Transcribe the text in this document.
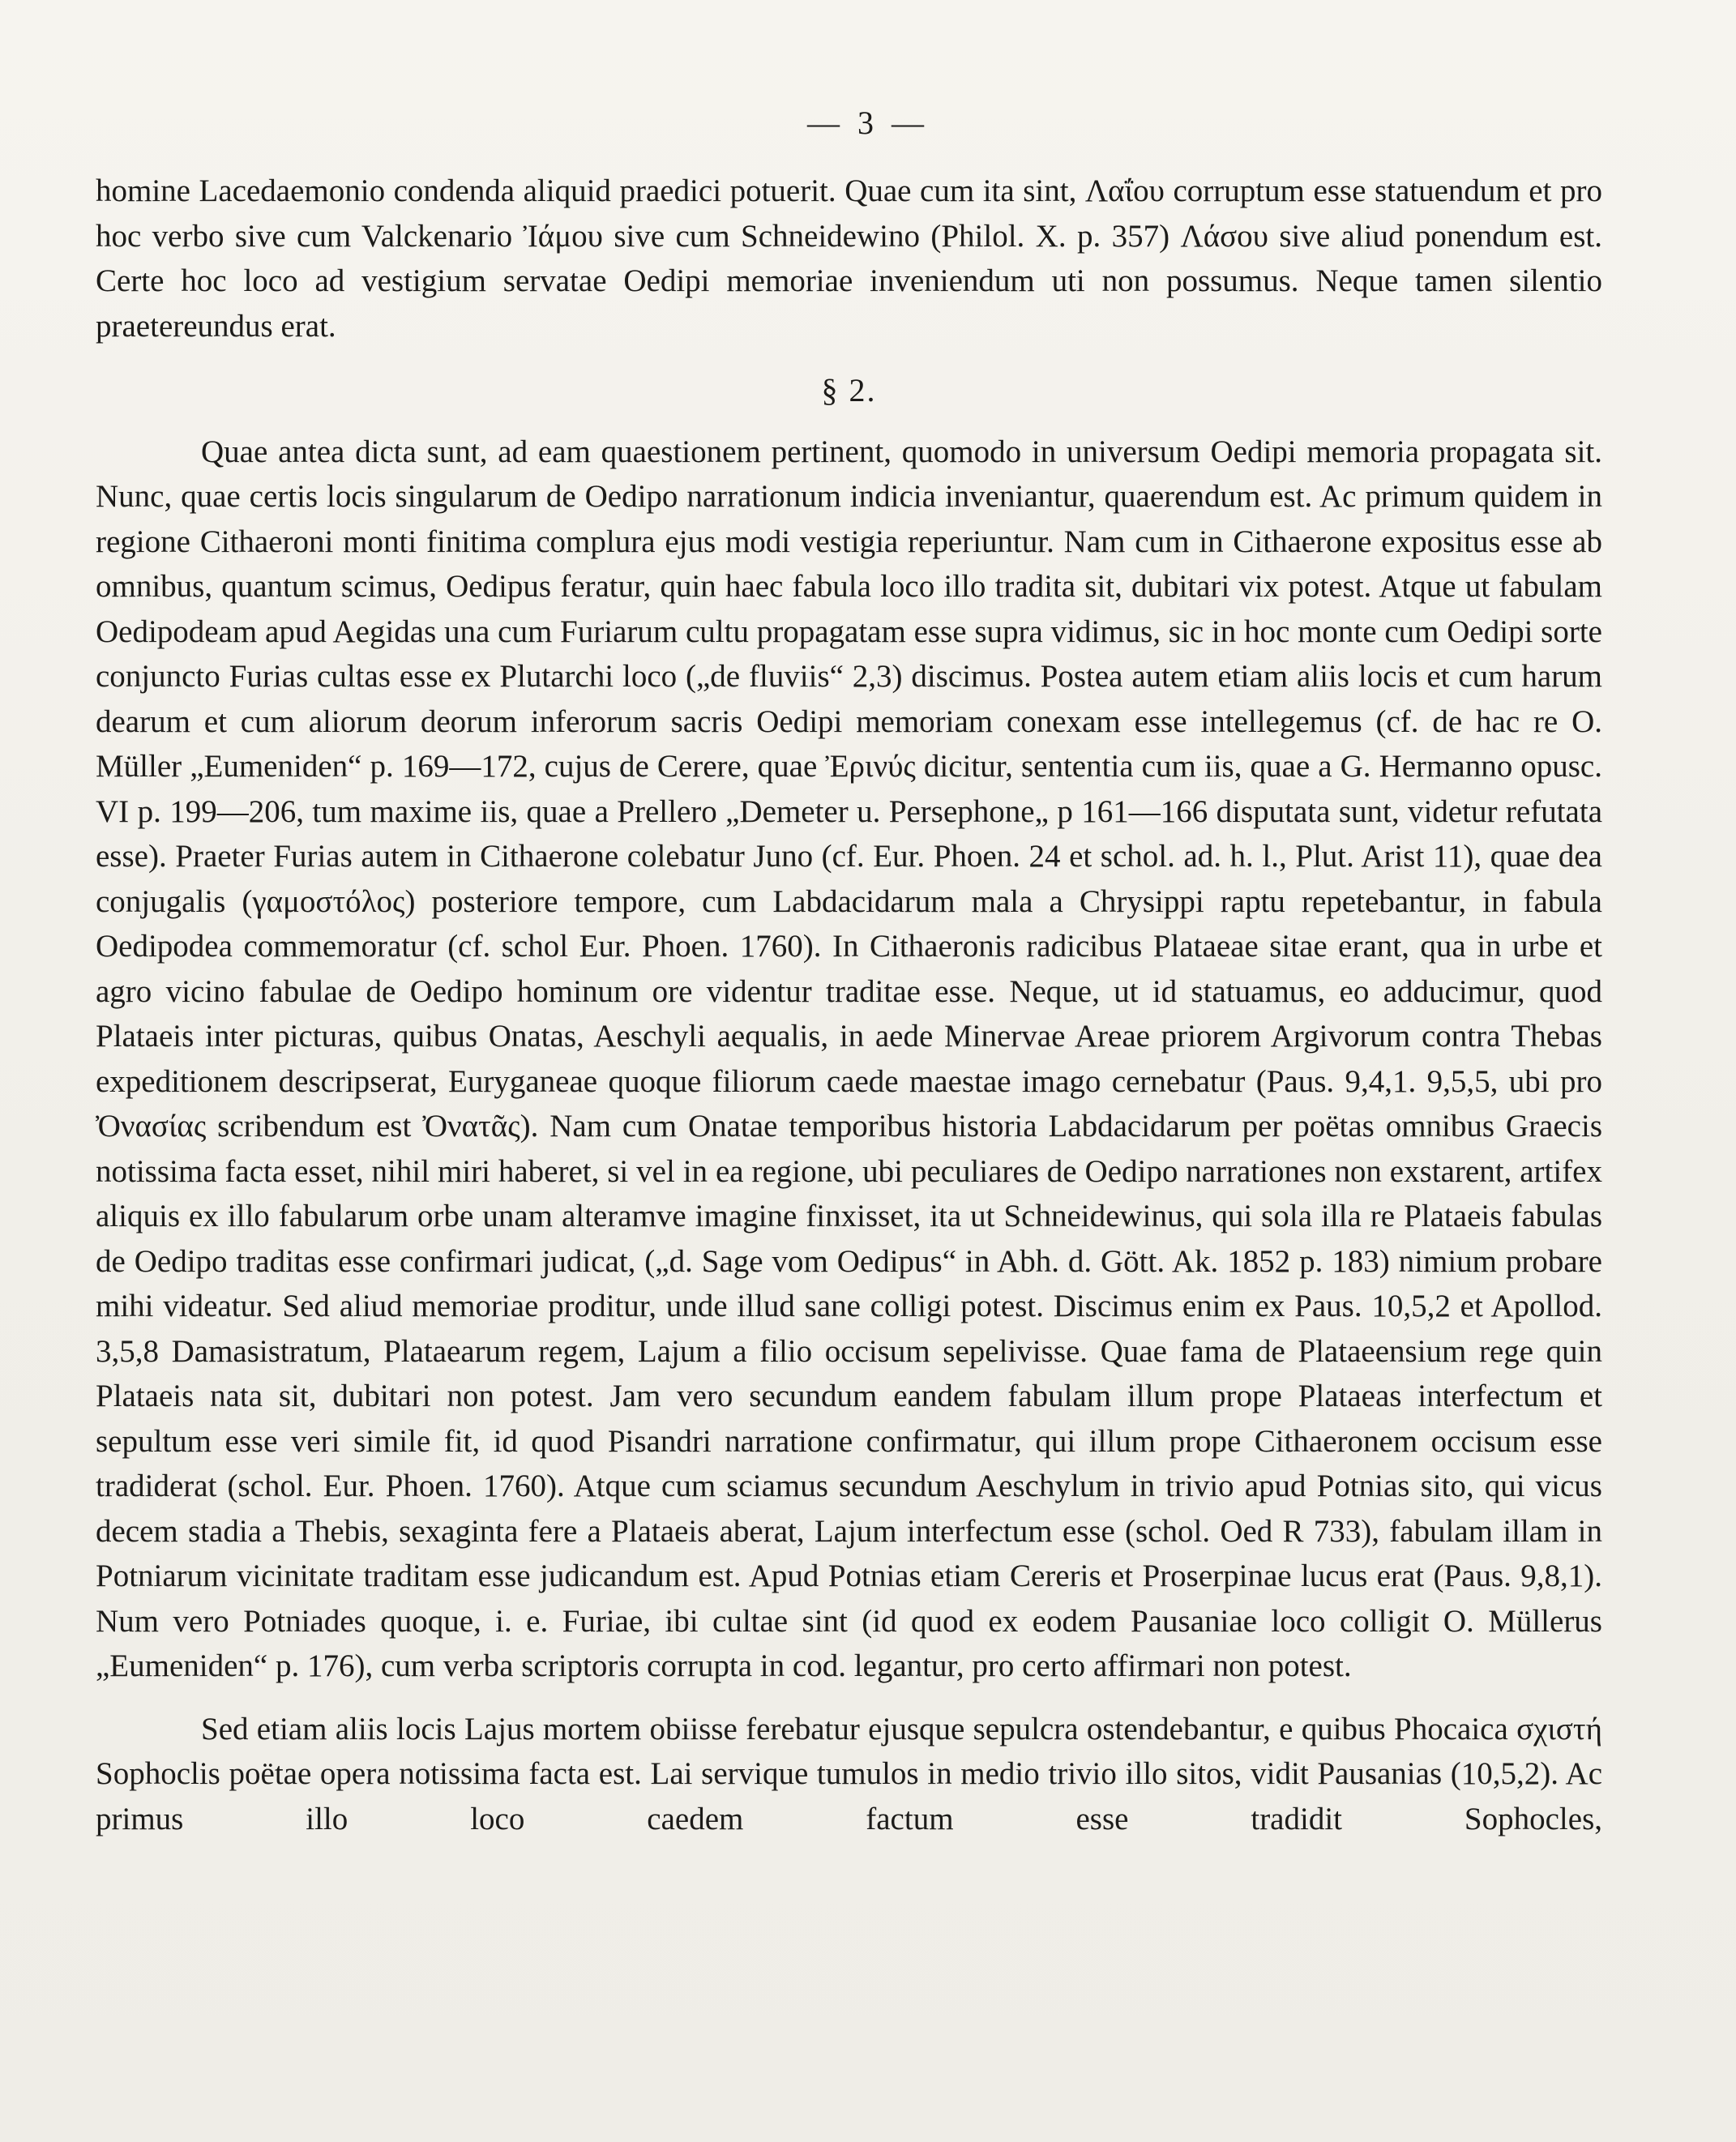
— 3 —

homine Lacedaemonio condenda aliquid praedici potuerit. Quae cum ita sint, Λαΐου corruptum esse statuendum et pro hoc verbo sive cum Valckenario Ἰάμου sive cum Schneidewino (Philol. X. p. 357) Λάσου sive aliud ponendum est. Certe hoc loco ad vestigium servatae Oedipi memoriae inveniendum uti non possumus. Neque tamen silentio praetereundus erat.

§ 2.

Quae antea dicta sunt, ad eam quaestionem pertinent, quomodo in universum Oedipi memoria propagata sit. Nunc, quae certis locis singularum de Oedipo narrationum indicia inveniantur, quaerendum est. Ac primum quidem in regione Cithaeroni monti finitima complura ejus modi vestigia reperiuntur. Nam cum in Cithaerone expositus esse ab omnibus, quantum scimus, Oedipus feratur, quin haec fabula loco illo tradita sit, dubitari vix potest. Atque ut fabulam Oedipodeam apud Aegidas una cum Furiarum cultu propagatam esse supra vidimus, sic in hoc monte cum Oedipi sorte conjuncto Furias cultas esse ex Plutarchi loco („de fluviis“ 2,3) discimus. Postea autem etiam aliis locis et cum harum dearum et cum aliorum deorum inferorum sacris Oedipi memoriam conexam esse intellegemus (cf. de hac re O. Müller „Eumeniden“ p. 169—172, cujus de Cerere, quae Ἐρινύς dicitur, sententia cum iis, quae a G. Hermanno opusc. VI p. 199—206, tum maxime iis, quae a Prellero „Demeter u. Persephone„ p 161—166 disputata sunt, videtur refutata esse). Praeter Furias autem in Cithaerone colebatur Juno (cf. Eur. Phoen. 24 et schol. ad. h. l., Plut. Arist 11), quae dea conjugalis (γαμοστόλος) posteriore tempore, cum Labdacidarum mala a Chrysippi raptu repetebantur, in fabula Oedipodea commemoratur (cf. schol Eur. Phoen. 1760). In Cithaeronis radicibus Plataeae sitae erant, qua in urbe et agro vicino fabulae de Oedipo hominum ore videntur traditae esse. Neque, ut id statuamus, eo adducimur, quod Plataeis inter picturas, quibus Onatas, Aeschyli aequalis, in aede Minervae Areae priorem Argivorum contra Thebas expeditionem descripserat, Euryganeae quoque filiorum caede maestae imago cernebatur (Paus. 9,4,1. 9,5,5, ubi pro Ὀνασίας scribendum est Ὀνατᾶς). Nam cum Onatae temporibus historia Labdacidarum per poëtas omnibus Graecis notissima facta esset, nihil miri haberet, si vel in ea regione, ubi peculiares de Oedipo narrationes non exstarent, artifex aliquis ex illo fabularum orbe unam alteramve imagine finxisset, ita ut Schneidewinus, qui sola illa re Plataeis fabulas de Oedipo traditas esse confirmari judicat, („d. Sage vom Oedipus“ in Abh. d. Gött. Ak. 1852 p. 183) nimium probare mihi videatur. Sed aliud memoriae proditur, unde illud sane colligi potest. Discimus enim ex Paus. 10,5,2 et Apollod. 3,5,8 Damasistratum, Plataearum regem, Lajum a filio occisum sepelivisse. Quae fama de Plataeensium rege quin Plataeis nata sit, dubitari non potest. Jam vero secundum eandem fabulam illum prope Plataeas interfectum et sepultum esse veri simile fit, id quod Pisandri narratione confirmatur, qui illum prope Cithaeronem occisum esse tradiderat (schol. Eur. Phoen. 1760). Atque cum sciamus secundum Aeschylum in trivio apud Potnias sito, qui vicus decem stadia a Thebis, sexaginta fere a Plataeis aberat, Lajum interfectum esse (schol. Oed R 733), fabulam illam in Potniarum vicinitate traditam esse judicandum est. Apud Potnias etiam Cereris et Proserpinae lucus erat (Paus. 9,8,1). Num vero Potniades quoque, i. e. Furiae, ibi cultae sint (id quod ex eodem Pausaniae loco colligit O. Müllerus „Eumeniden“ p. 176), cum verba scriptoris corrupta in cod. legantur, pro certo affirmari non potest.

Sed etiam aliis locis Lajus mortem obiisse ferebatur ejusque sepulcra ostendebantur, e quibus Phocaica σχιστή Sophoclis poëtae opera notissima facta est. Lai servique tumulos in medio trivio illo sitos, vidit Pausanias (10,5,2). Ac primus illo loco caedem factum esse tradidit Sophocles,
